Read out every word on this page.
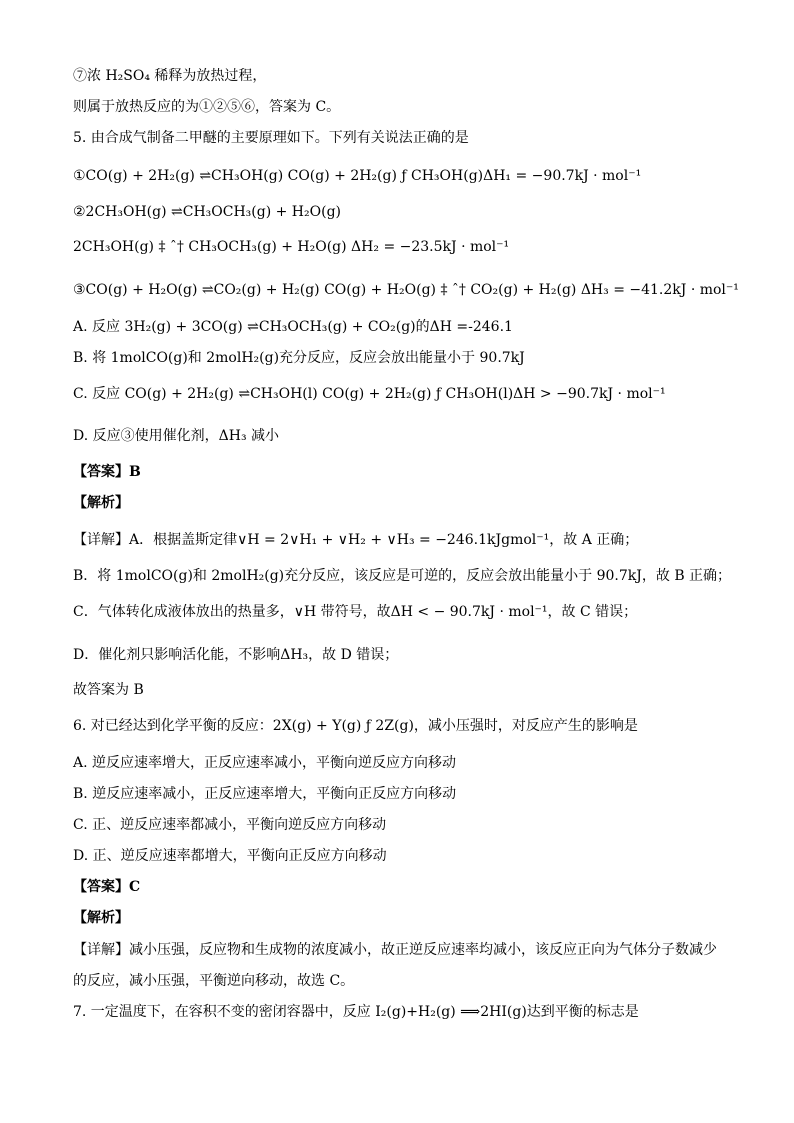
⑦浓 H₂SO₄ 稀释为放热过程，
则属于放热反应的为①②⑤⑥，答案为 C。
5. 由合成气制备二甲醚的主要原理如下。下列有关说法正确的是
①CO(g) + 2H₂(g) ⇌CH₃OH(g) CO(g) + 2H₂(g) ƒ CH₃OH(g)ΔH₁ = −90.7kJ · mol⁻¹
②2CH₃OH(g) ⇌CH₃OCH₃(g) + H₂O(g)
2CH₃OH(g) ‡ ˆ† CH₃OCH₃(g) + H₂O(g) ΔH₂ = −23.5kJ · mol⁻¹
③CO(g) + H₂O(g) ⇌CO₂(g) + H₂(g) CO(g) + H₂O(g) ‡ ˆ† CO₂(g) + H₂(g) ΔH₃ = −41.2kJ · mol⁻¹
A. 反应 3H₂(g) + 3CO(g) ⇌CH₃OCH₃(g) + CO₂(g)的ΔH =-246.1
B. 将 1molCO(g)和 2molH₂(g)充分反应，反应会放出能量小于 90.7kJ
C. 反应 CO(g) + 2H₂(g) ⇌CH₃OH(l) CO(g) + 2H₂(g) ƒ CH₃OH(l)ΔH > −90.7kJ · mol⁻¹
D. 反应③使用催化剂，ΔH₃ 减小
【答案】B
【解析】
【详解】A．根据盖斯定律∨H = 2∨H₁ + ∨H₂ + ∨H₃ = −246.1kJgmol⁻¹，故 A 正确；
B．将 1molCO(g)和 2molH₂(g)充分反应，该反应是可逆的，反应会放出能量小于 90.7kJ，故 B 正确；
C．气体转化成液体放出的热量多，∨H 带符号，故ΔH < − 90.7kJ · mol⁻¹，故 C 错误；
D．催化剂只影响活化能，不影响ΔH₃，故 D 错误；
故答案为 B
6. 对已经达到化学平衡的反应：2X(g) + Y(g) ƒ 2Z(g)，减小压强时，对反应产生的影响是
A. 逆反应速率增大，正反应速率减小，平衡向逆反应方向移动
B. 逆反应速率减小，正反应速率增大，平衡向正反应方向移动
C. 正、逆反应速率都减小，平衡向逆反应方向移动
D. 正、逆反应速率都增大，平衡向正反应方向移动
【答案】C
【解析】
【详解】减小压强，反应物和生成物的浓度减小，故正逆反应速率均减小，该反应正向为气体分子数减少
的反应，减小压强，平衡逆向移动，故选 C。
7. 一定温度下，在容积不变的密闭容器中，反应 I₂(g)+H₂(g) ⟹2HI(g)达到平衡的标志是
